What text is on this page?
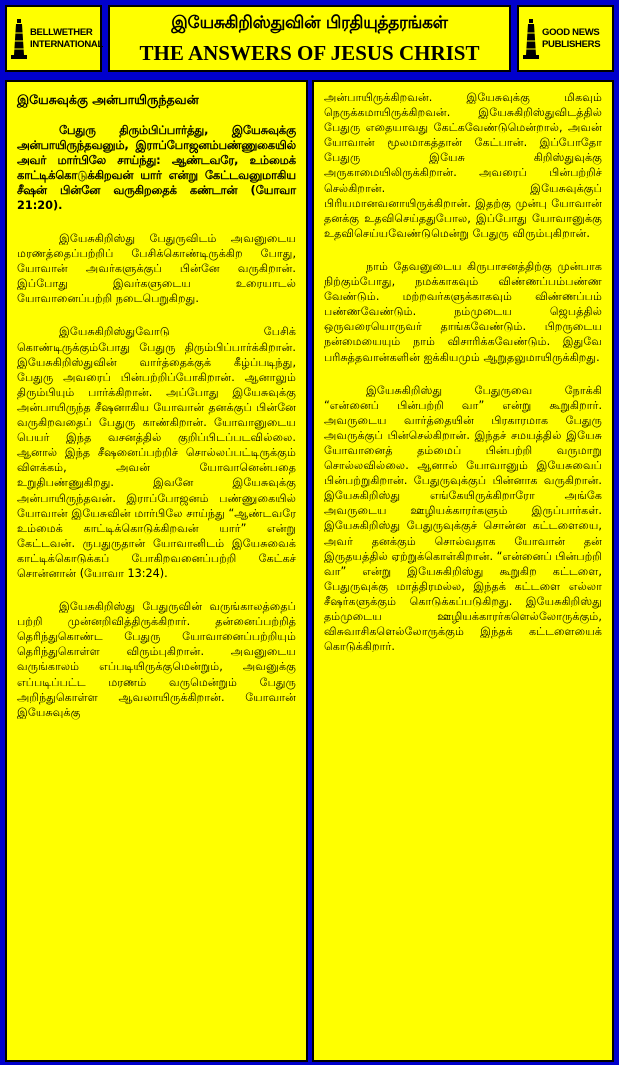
BELLWETHER
INTERNATIONAL
இயேசுகிறிஸ்துவின் பிரதியுத்தரங்கள்
THE ANSWERS OF JESUS CHRIST
GOOD NEWS
PUBLISHERS
இயேசுவுக்கு அன்பாயிருந்தவன்

பேதுரு திரும்பிப்பார்த்து, இயேசுவுக்கு அன்பாயிருந்தவனும், இராப்போஜனம்பண்ணுகையில் அவர் மார்பிலே சாய்ந்து: ஆண்டவரே, உம்மைக் காட்டிக்கொடுக்கிறவன் யார் என்று கேட்டவனுமாகிய சீஷன் பின்னே வருகிறதைக் கண்டான் (யோவா 21:20).

இயேசுகிறிஸ்து பேதுருவிடம் அவனுடைய மரணத்தைப்பற்றிப் பேசிக்கொண்டிருக்கிற போது, யோவான் அவர்களுக்குப் பின்னே வருகிறான். இப்போது இவர்களுடைய உரையாடல் யோவானைப்பற்றி நடைபெறுகிறது.

இயேசுகிறிஸ்துவோடு பேசிக் கொண்டிருக்கும்போது பேதுரு திரும்பிப்பார்க்கிறான். இயேசுகிறிஸ்துவின் வார்த்தைக்குக் கீழ்ப்படிந்து, பேதுரு அவரைப் பின்பற்றிப்போகிறான். ஆனாலும் திரும்பியும் பார்க்கிறான். அப்போது இயேசுவுக்கு அன்பாயிருந்த சீஷனாகிய யோவான் தனக்குப் பின்னே வருகிறவதைப் பேதுரு காண்கிறான். யோவானுடைய பெயர் இந்த வசனத்தில் குறிப்பிடப்படவில்லை. ஆனால் இந்த சீஷனைப்பற்றிச் சொல்லப்பட்டிருக்கும் விளக்கம், அவன் யோவானென்பதை உறுதிபண்ணுகிறது. இவனே இயேசுவுக்கு அன்பாயிருந்தவன். இராப்போஜனம் பண்ணுகையில் யோவான் இயேசுவின் மார்பிலே சாய்ந்து “ஆண்டவரே உம்மைக் காட்டிக்கொடுக்கிறவன் யார்” என்று கேட்டவன். ருபதுருதான் யோவானிடம் இயேசுவைக் காட்டிக்கொடுக்கப் போகிறவனைப்பற்றி கேட்கச் சொன்னான் (யோவா 13:24).

இயேசுகிறிஸ்து பேதுருவின் வருங்காலத்தைப் பற்றி முன்னறிவித்திருக்கிறார். தன்னைப்பற்றித் தெரிந்துகொண்ட பேதுரு யோவானைப்பற்றியும் தெரிந்துகொள்ள விரும்புகிறான். அவனுடைய வருங்காலம் எப்படியிருக்குமென்றும், அவனுக்கு எப்படிப்பட்ட மரணம் வருமென்றும் பேதுரு அறிந்துகொள்ள ஆவலாயிருக்கிறான். யோவான் இயேசுவுக்கு

அன்பாயிருக்கிறவன். இயேசுவுக்கு மிகவும் நெருக்கமாயிருக்கிறவன். இயேசுகிறிஸ்துவிடத்தில் பேதுரு எதையாவது கேட்கவேண்டுமென்றால், அவன் யோவான் மூலமாகத்தான் கேட்பான். இப்போதோ பேதுரு இயேசு கிறிஸ்துவுக்கு அருகாமையிலிருக்கிறான். அவரைப் பின்பற்றிச் செல்கிறான். இயேசுவுக்குப் பிரியமானவனாயிருக்கிறான். இதற்கு முன்பு யோவான் தனக்கு உதவிசெய்ததுபோல, இப்போது யோவானுக்கு உதவிசெய்யவேண்டுமென்று பேதுரு விரும்புகிறான்.

நாம் தேவனுடைய கிருபாசனத்திற்கு முன்பாக நிற்கும்போது, நமக்காகவும் விண்ணப்பம்பண்ண வேண்டும். மற்றவர்களுக்காகவும் விண்ணப்பம் பண்ணவேண்டும். நம்முடைய ஜெபத்தில் ஒருவரையொருவர் தாங்கவேண்டும். பிறருடைய நன்மையையும் நாம் விசாரிக்கவேண்டும். இதுவே பரிசுத்தவான்களின் ஐக்கியமும் ஆறுதலுமாயிருக்கிறது.

இயேசுகிறிஸ்து பேதுருவை நோக்கி “என்னைப் பின்பற்றி வா” என்று கூறுகிறார். அவருடைய வார்த்தையின் பிரகாரமாக பேதுரு அவருக்குப் பின்செல்கிறான். இந்தச் சமயத்தில் இயேசு யோவானைத் தம்மைப் பின்பற்றி வருமாறு சொல்லவில்லை. ஆனால் யோவானும் இயேசுவைப் பின்பற்றுகிறான். பேதுருவுக்குப் பின்னாக வருகிறான். இயேசுகிறிஸ்து எங்கேயிருக்கிறாரோ அங்கே அவருடைய ஊழியக்காரர்களும் இருப்பார்கள். இயேசுகிறிஸ்து பேதுருவுக்குச் சொன்ன கட்டளையை, அவர் தனக்கும் சொல்வதாக யோவான் தன் இருதயத்தில் ஏற்றுக்கொள்கிறான். “என்னைப் பின்பற்றி வா” என்று இயேசுகிறிஸ்து கூறுகிற கட்டளை, பேதுருவுக்கு மாத்திரமல்ல, இந்தக் கட்டளை எல்லா சீஷர்களுக்கும் கொடுக்கப்படுகிறது. இயேசுகிறிஸ்து தம்முடைய ஊழியக்காரர்களெல்லோருக்கும், விசுவாசிகளெல்லோருக்கும் இந்தக் கட்டளையைக் கொடுக்கிறார்.
